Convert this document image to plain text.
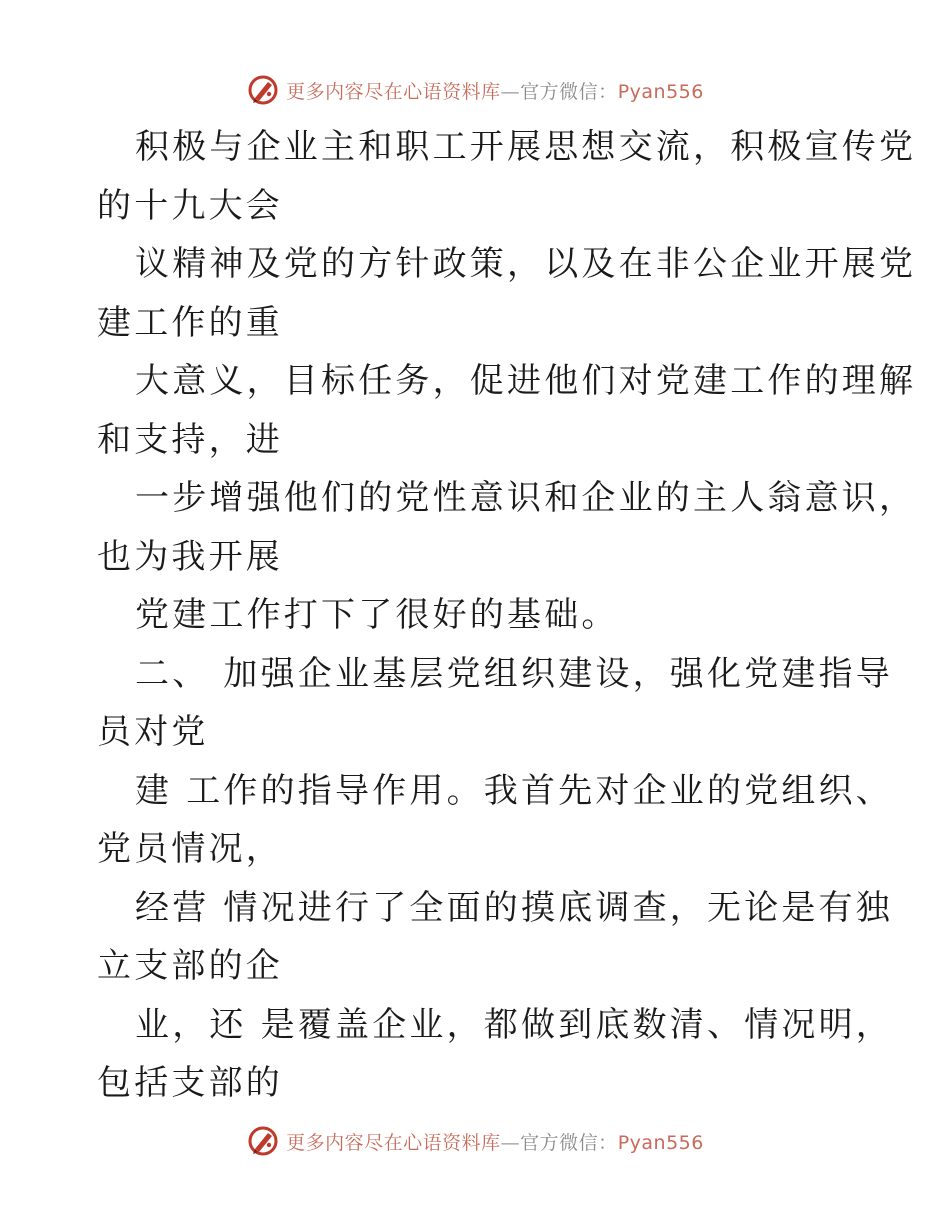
更多内容尽在心语资料库—官方微信：Pyan556
积极与企业主和职工开展思想交流，积极宣传党
的十九大会
议精神及党的方针政策，以及在非公企业开展党
建工作的重
大意义，目标任务，促进他们对党建工作的理解
和支持，进
一步增强他们的党性意识和企业的主人翁意识，
也为我开展
党建工作打下了很好的基础。
二、 加强企业基层党组织建设，强化党建指导
员对党
建 工作的指导作用。我首先对企业的党组织、
党员情况，
经营 情况进行了全面的摸底调查，无论是有独
立支部的企
业，还 是覆盖企业，都做到底数清、情况明，
包括支部的
更多内容尽在心语资料库—官方微信：Pyan556
